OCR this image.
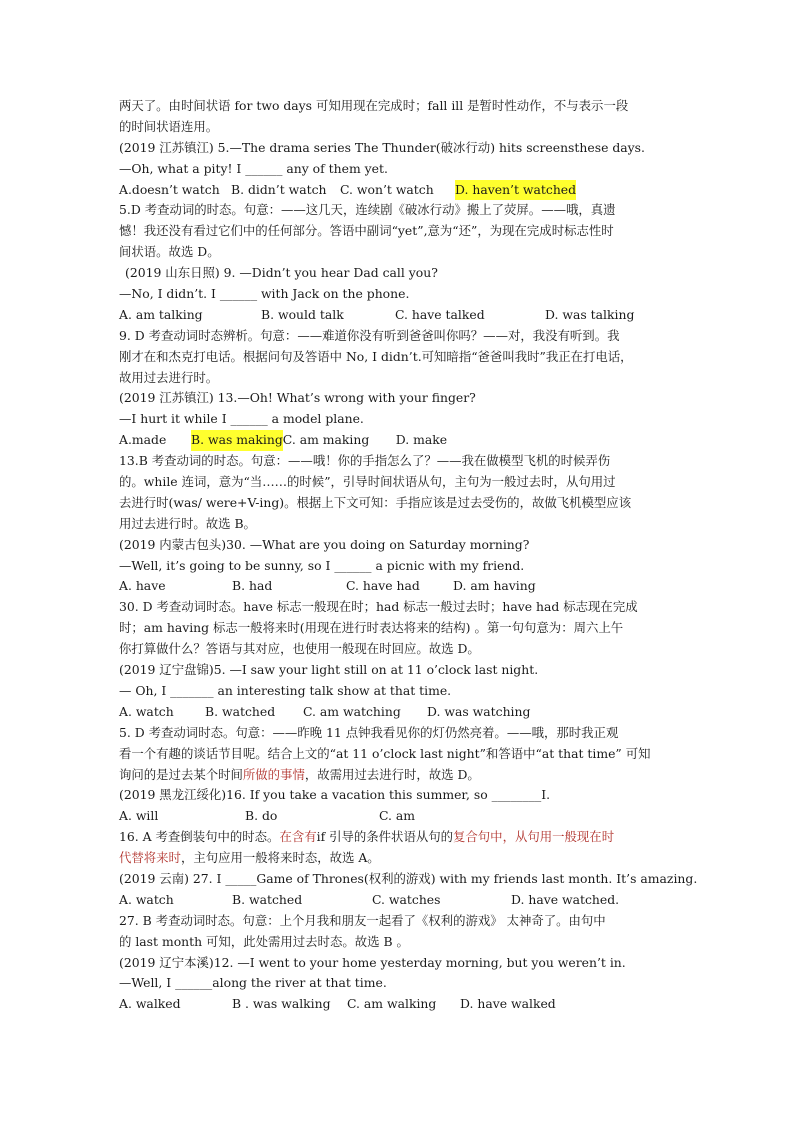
两天了。由时间状语 for two days 可知用现在完成时；fall ill 是暂时性动作，不与表示一段
的时间状语连用。
(2019 江苏镇江) 5.—The drama series The Thunder(破冰行动) hits screensthese days.
—Oh, what a pity! I ______ any of them yet.
A.doesn’t watch B. didn’t watch	C. won’t watch	D. haven’t watched
5.D 考查动词的时态。句意：——这几天，连续剧《破冰行动》搬上了荧屏。——哦，真遗
憾！我还没有看过它们中的任何部分。答语中副词“yet”,意为“还”，为现在完成时标志性时
间状语。故选 D。
(2019 山东日照) 9. —Didn’t you hear Dad call you?
—No, I didn’t. I ______ with Jack on the phone.
A. am talking	B. would talk	C. have talked	D. was talking
9. D 考查动词时态辨析。句意：——难道你没有听到爸爸叫你吗？——对，我没有听到。我
刚才在和杰克打电话。根据问句及答语中 No, I didn’t.可知暗指“爸爸叫我时”我正在打电话，
故用过去进行时。
(2019 江苏镇江) 13.—Oh! What’s wrong with your finger?
—I hurt it while I ______ a model plane.
A.made	B. was making C. am making	D. make
13.B 考查动词的时态。句意：——哦！你的手指怎么了？——我在做模型飞机的时候弄伤
的。while 连词，意为“当……的时候”，引导时间状语从句，主句为一般过去时，从句用过
去进行时(was/ were+V-ing)。根据上下文可知：手指应该是过去受伤的，故做飞机模型应该
用过去进行时。故选 B。
(2019 内蒙古包头)30. —What are you doing on Saturday morning?
—Well, it’s going to be sunny, so I ______ a picnic with my friend.
A. have	B. had	C. have had	D. am having
30. D 考查动词时态。have 标志一般现在时；had 标志一般过去时；have had 标志现在完成
时；am having 标志一般将来时(用现在进行时表达将来的结构) 。第一句句意为：周六上午
你打算做什么？答语与其对应，也使用一般现在时回应。故选 D。
(2019 辽宁盘锦)5. —I saw your light still on at 11 o’clock last night.
— Oh, I _______ an interesting talk show at that time.
A. watch	B. watched	C. am watching	D. was watching
5. D 考查动词时态。句意：——昨晚 11 点钟我看见你的灯仍然亮着。——哦，那时我正观
看一个有趣的谈话节目呢。结合上文的“at 11 o’clock last night”和答语中“at that time” 可知
询问的是过去某个时间所做的事情，故需用过去进行时，故选 D。
(2019 黑龙江绥化)16. If you take a vacation this summer, so ________I.
A. will	B. do	C. am
16. A 考查倒装句中的时态。在含有if 引导的条件状语从句的复合句中，从句用一般现在时
代替将来时，主句应用一般将来时态，故选 A。
(2019 云南) 27. I _____Game of Thrones(权利的游戏) with my friends last month. It’s amazing.
A. watch	B. watched	C. watches	D. have watched.
27. B 考查动词时态。句意：上个月我和朋友一起看了《权利的游戏》 太神奇了。由句中
的 last month 可知，此处需用过去时态。故选 B 。
(2019 辽宁本溪)12. —I went to your home yesterday morning, but you weren’t in.
—Well, I ______along the river at that time.
A. walked	B . was walking	C. am walking	D. have walked
